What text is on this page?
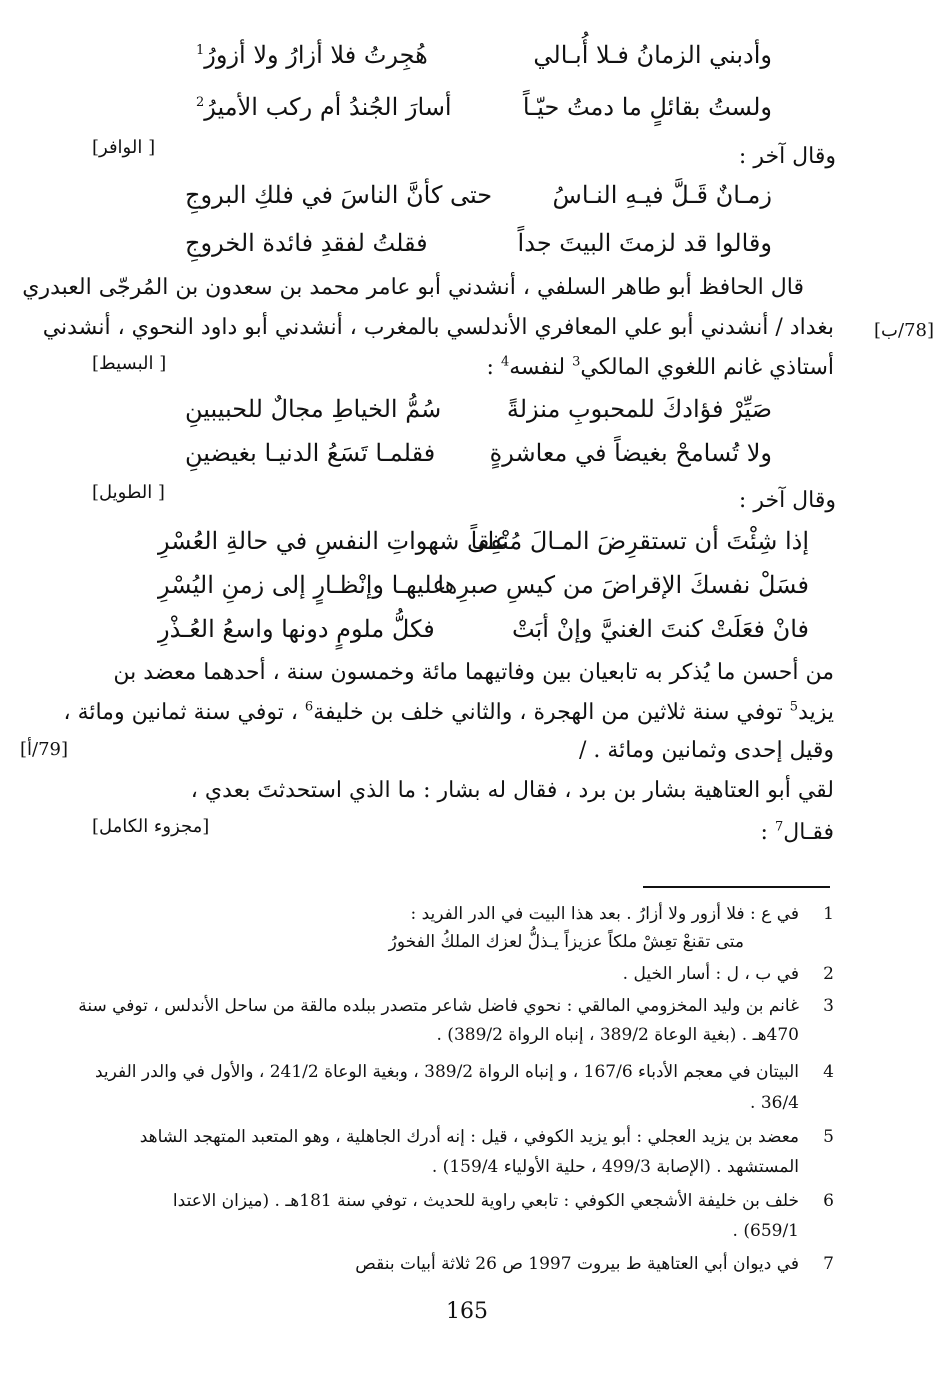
وأدبني الزمانُ فـلا أُبـالي
هُجِرتُ فلا أزارُ ولا أزورُ$^1$
ولستُ بقائلٍ ما دمتُ حيّـاً
أسارَ الجُندُ أم ركب الأميرُ$^2$
وقال آخر :
[ الوافر]
زمـانٌ قَـلَّ فيـهِ النـاسُ
حتى كأنَّ الناسَ في فلكِ البروجِ
وقالوا قد لزمتَ البيتَ جداً
فقلتُ لفقدِ فائدة الخروجِ
قال الحافظ أبو طاهر السلفي ، أنشدني أبو عامر محمد بن سعدون بن المُرجّى العبدري
بغداد / أنشدني أبو علي المعافري الأندلسي بالمغرب ، أنشدني أبو داود النحوي ، أنشدني [78/ب]
أستاذي غانم اللغوي المالكي$^3$ لنفسه$^4$ :
[ البسيط]
صَيِّرْ فؤادكَ للمحبوبِ منزلةً
سُمُّ الخياطِ مجالٌ للحبيبينِ
ولا تُسامحْ بغيضاً في معاشرةٍ
فقلمـا تَسَعُ الدنيـا بغيضينِ
وقال آخر :
[ الطويل]
إذا شِئْتَ أن تستقرِضَ المـالَ مُنْفِقاً
على شهواتِ النفسِ في حالةِ العُسْرِ
فسَلْ نفسكَ الإقراضَ من كيسِ صبرِها
عليهـا وإنْظـارٍ إلى زمنِ اليُسْرِ
فانْ فعَلَتْ كنتَ الغنيَّ وإنْ أبَتْ
فكلُّ ملومٍ دونها واسعُ العُـذْرِ
من أحسن ما يُذكر به تابعيان بين وفاتيهما مائة وخمسون سنة ، أحدهما معضد بن
يزيد$^5$ توفي سنة ثلاثين من الهجرة ، والثاني خلف بن خليفة$^6$ ، توفي سنة ثمانين ومائة ،
وقيل إحدى وثمانين ومائة . /
[79/أ]
لقي أبو العتاهية بشار بن برد ، فقال له بشار : ما الذي استحدثتَ بعدي ،
فقـال$^7$ :
[مجزوء الكامل]
1
في ع : فلا أزور ولا أزارُ . بعد هذا البيت في الدر الفريد :
متى تقنعْ تعِشْ ملكاً عزيزاً يـذلُّ لعزك الملكُ الفخورُ
2
في ب ، ل : أسار الخيل .
3
غانم بن وليد المخزومي المالقي : نحوي فاضل شاعر متصدر ببلده مالقة من ساحل الأندلس ، توفي سنة
470هـ . (بغية الوعاة 389/2 ، إنباه الرواة 389/2) .
4
البيتان في معجم الأدباء 167/6 ، و إنباه الرواة 389/2 ، وبغية الوعاة 241/2 ، والأول في والدر الفريد
36/4 .
5
معضد بن يزيد العجلي : أبو يزيد الكوفي ، قيل : إنه أدرك الجاهلية ، وهو المتعبد المتهجد الشاهد
المستشهد . (الإصابة 499/3 ، حلية الأولياء 159/4) .
6
خلف بن خليفة الأشجعي الكوفي : تابعي راوية للحديث ، توفي سنة 181هـ . (ميزان الاعتدا
659/1) .
7
في ديوان أبي العتاهية ط بيروت 1997 ص 26 ثلاثة أبيات بنقص
165
